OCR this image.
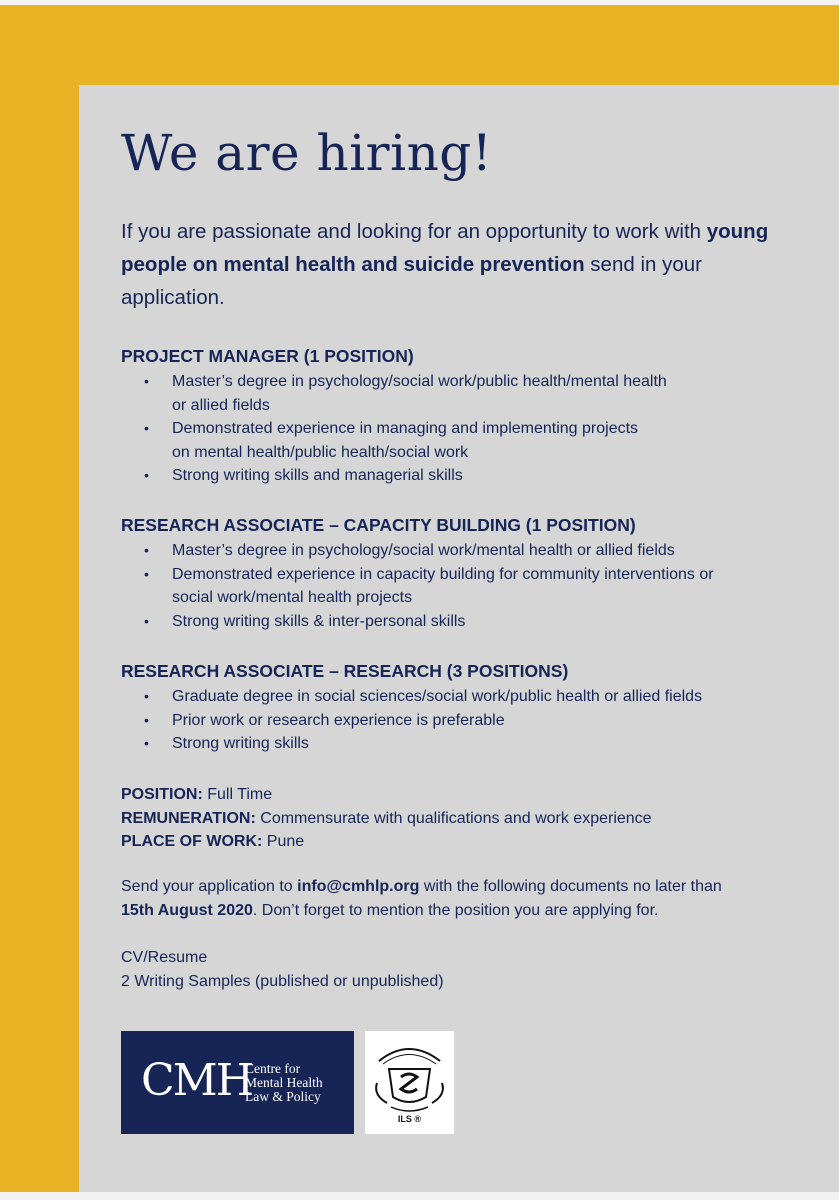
We are hiring!

If you are passionate and looking for an opportunity to work with young people on mental health and suicide prevention send in your application.

PROJECT MANAGER (1 POSITION)
• Master’s degree in psychology/social work/public health/mental health
or allied fields
• Demonstrated experience in managing and implementing projects
on mental health/public health/social work
• Strong writing skills and managerial skills
RESEARCH ASSOCIATE – CAPACITY BUILDING (1 POSITION)
• Master’s degree in psychology/social work/mental health or allied fields
• Demonstrated experience in capacity building for community interventions or
social work/mental health projects
• Strong writing skills & inter-personal skills
RESEARCH ASSOCIATE – RESEARCH (3 POSITIONS)
• Graduate degree in social sciences/social work/public health or allied fields
• Prior work or research experience is preferable
• Strong writing skills
POSITION: Full Time
REMUNERATION: Commensurate with qualifications and work experience
PLACE OF WORK: Pune
Send your application to info@cmhlp.org with the following documents no later than
15th August 2020. Don’t forget to mention the position you are applying for.
CV/Resume
2 Writing Samples (published or unpublished)
CMH
Centre for
Mental Health
Law & Policy
ILS ®
